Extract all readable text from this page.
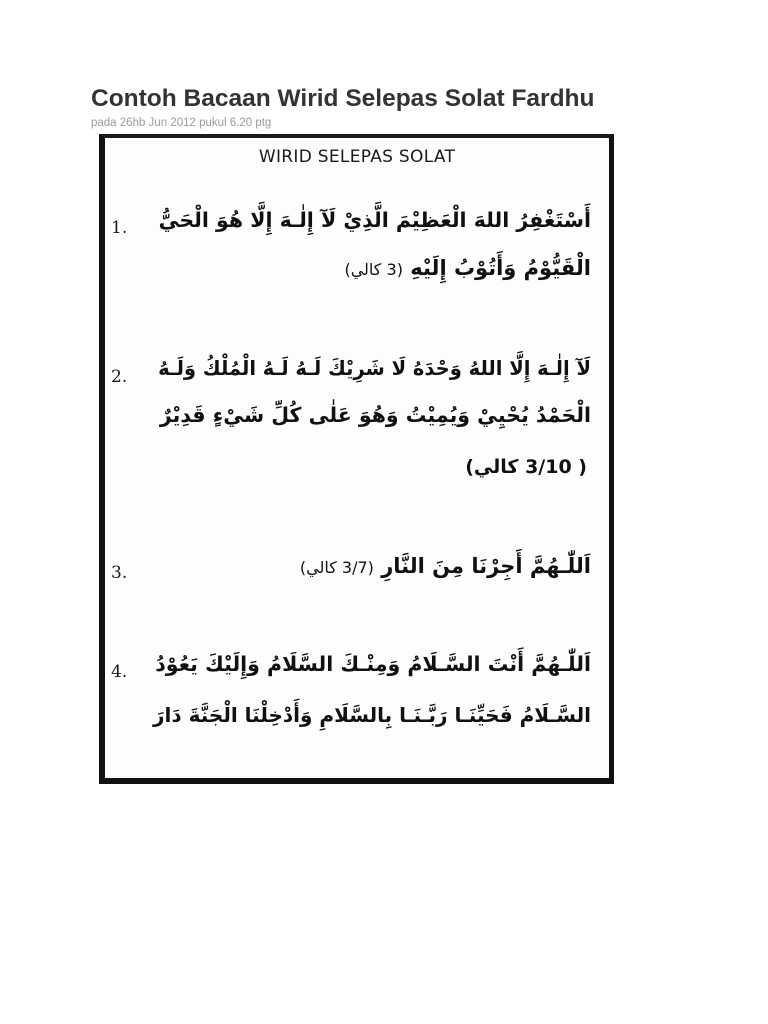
Contoh Bacaan Wirid Selepas Solat Fardhu

pada 26hb Jun 2012 pukul 6.20 ptg

WIRID SELEPAS SOLAT
1. أَسْتَغْفِرُ اللهَ الْعَظِيْمَ الَّذِيْ لَآ إِلٰـهَ إِلَّا هُوَ الْحَيُّ
الْقَيُّوْمُ وَأَتُوْبُ إِلَيْهِ (3 كالي)
2. لَآ إِلٰـهَ إِلَّا اللهُ وَحْدَهُ لَا شَرِيْكَ لَـهُ لَـهُ الْمُلْكُ وَلَـهُ
الْحَمْدُ يُحْيِيْ وَيُمِيْتُ وَهُوَ عَلٰى كُلِّ شَيْءٍ قَدِيْرٌ
( 3/10 كالي)
3.	اَللّٰـهُمَّ أَجِرْنَا مِنَ النَّارِ (3/7 كالي)
4. اَللّٰـهُمَّ أَنْتَ السَّـلَامُ وَمِنْـكَ السَّلَامُ وَإِلَيْكَ يَعُوْدُ
السَّـلَامُ فَحَيِّنَـا رَبَّـنَـا بِالسَّلَامِ وَأَدْخِلْنَا الْجَنَّةَ دَارَ
